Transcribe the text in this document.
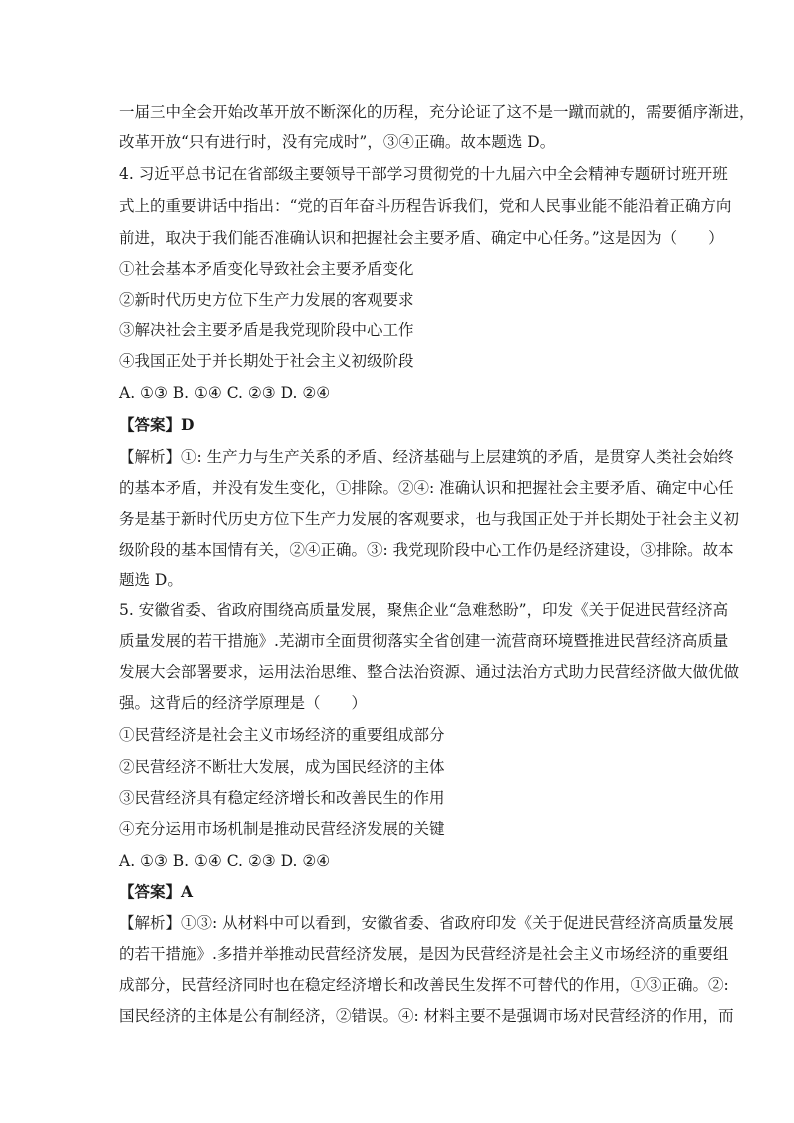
一届三中全会开始改革开放不断深化的历程，充分论证了这不是一蹴而就的，需要循序渐进，
改革开放“只有进行时，没有完成时”，③④正确。故本题选 D。
4. 习近平总书记在省部级主要领导干部学习贯彻党的十九届六中全会精神专题研讨班开班
式上的重要讲话中指出：“党的百年奋斗历程告诉我们，党和人民事业能不能沿着正确方向
前进，取决于我们能否准确认识和把握社会主要矛盾、确定中心任务。”这是因为（　　）
①社会基本矛盾变化导致社会主要矛盾变化
②新时代历史方位下生产力发展的客观要求
③解决社会主要矛盾是我党现阶段中心工作
④我国正处于并长期处于社会主义初级阶段
A. ①③ B. ①④ C. ②③ D. ②④
【答案】D
【解析】①: 生产力与生产关系的矛盾、经济基础与上层建筑的矛盾，是贯穿人类社会始终
的基本矛盾，并没有发生变化，①排除。②④: 准确认识和把握社会主要矛盾、确定中心任
务是基于新时代历史方位下生产力发展的客观要求，也与我国正处于并长期处于社会主义初
级阶段的基本国情有关，②④正确。③: 我党现阶段中心工作仍是经济建设，③排除。故本
题选 D。
5. 安徽省委、省政府围绕高质量发展，聚焦企业“急难愁盼”，印发《关于促进民营经济高
质量发展的若干措施》.芜湖市全面贯彻落实全省创建一流营商环境暨推进民营经济高质量
发展大会部署要求，运用法治思维、整合法治资源、通过法治方式助力民营经济做大做优做
强。这背后的经济学原理是（　　）
①民营经济是社会主义市场经济的重要组成部分
②民营经济不断壮大发展，成为国民经济的主体
③民营经济具有稳定经济增长和改善民生的作用
④充分运用市场机制是推动民营经济发展的关键
A. ①③ B. ①④ C. ②③ D. ②④
【答案】A
【解析】①③: 从材料中可以看到，安徽省委、省政府印发《关于促进民营经济高质量发展
的若干措施》.多措并举推动民营经济发展，是因为民营经济是社会主义市场经济的重要组
成部分，民营经济同时也在稳定经济增长和改善民生发挥不可替代的作用，①③正确。②:
国民经济的主体是公有制经济，②错误。④: 材料主要不是强调市场对民营经济的作用，而
